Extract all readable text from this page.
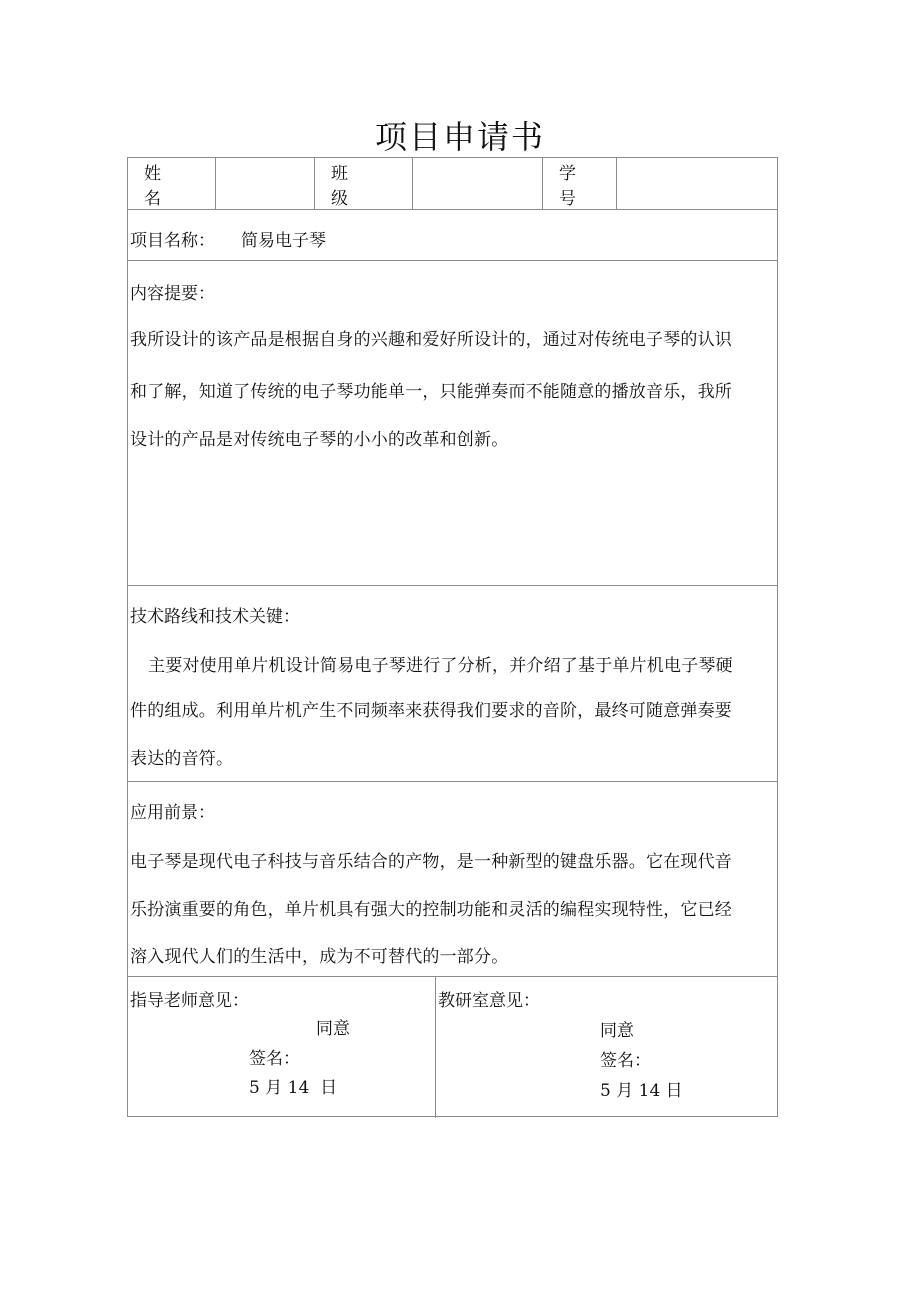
项目申请书
姓 名
班 级
学 号
项目名称： 简易电子琴
内容提要：
我所设计的该产品是根据自身的兴趣和爱好所设计的，通过对传统电子琴的认识
和了解，知道了传统的电子琴功能单一，只能弹奏而不能随意的播放音乐，我所
设计的产品是对传统电子琴的小小的改革和创新。
技术路线和技术关键：
主要对使用单片机设计简易电子琴进行了分析，并介绍了基于单片机电子琴硬
件的组成。利用单片机产生不同频率来获得我们要求的音阶，最终可随意弹奏要
表达的音符。
应用前景：
电子琴是现代电子科技与音乐结合的产物，是一种新型的键盘乐器。它在现代音
乐扮演重要的角色，单片机具有强大的控制功能和灵活的编程实现特性，它已经
溶入现代人们的生活中，成为不可替代的一部分。
指导老师意见：
同意
签名：
5 月 14  日
教研室意见：
同意
签名：
5 月 14 日
